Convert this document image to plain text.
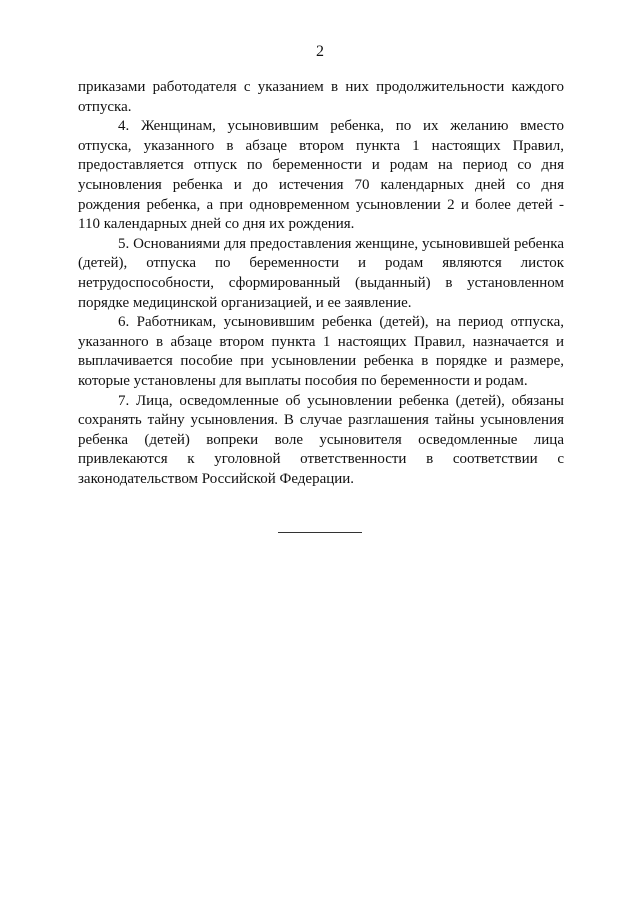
2

приказами работодателя с указанием в них продолжительности каждого отпуска.

4. Женщинам, усыновившим ребенка, по их желанию вместо отпуска, указанного в абзаце втором пункта 1 настоящих Правил, предоставляется отпуск по беременности и родам на период со дня усыновления ребенка и до истечения 70 календарных дней со дня рождения ребенка, а при одновременном усыновлении 2 и более детей - 110 календарных дней со дня их рождения.

5. Основаниями для предоставления женщине, усыновившей ребенка (детей), отпуска по беременности и родам являются листок нетрудоспособности, сформированный (выданный) в установленном порядке медицинской организацией, и ее заявление.

6. Работникам, усыновившим ребенка (детей), на период отпуска, указанного в абзаце втором пункта 1 настоящих Правил, назначается и выплачивается пособие при усыновлении ребенка в порядке и размере, которые установлены для выплаты пособия по беременности и родам.

7. Лица, осведомленные об усыновлении ребенка (детей), обязаны сохранять тайну усыновления. В случае разглашения тайны усыновления ребенка (детей) вопреки воле усыновителя осведомленные лица привлекаются к уголовной ответственности в соответствии с законодательством Российской Федерации.
